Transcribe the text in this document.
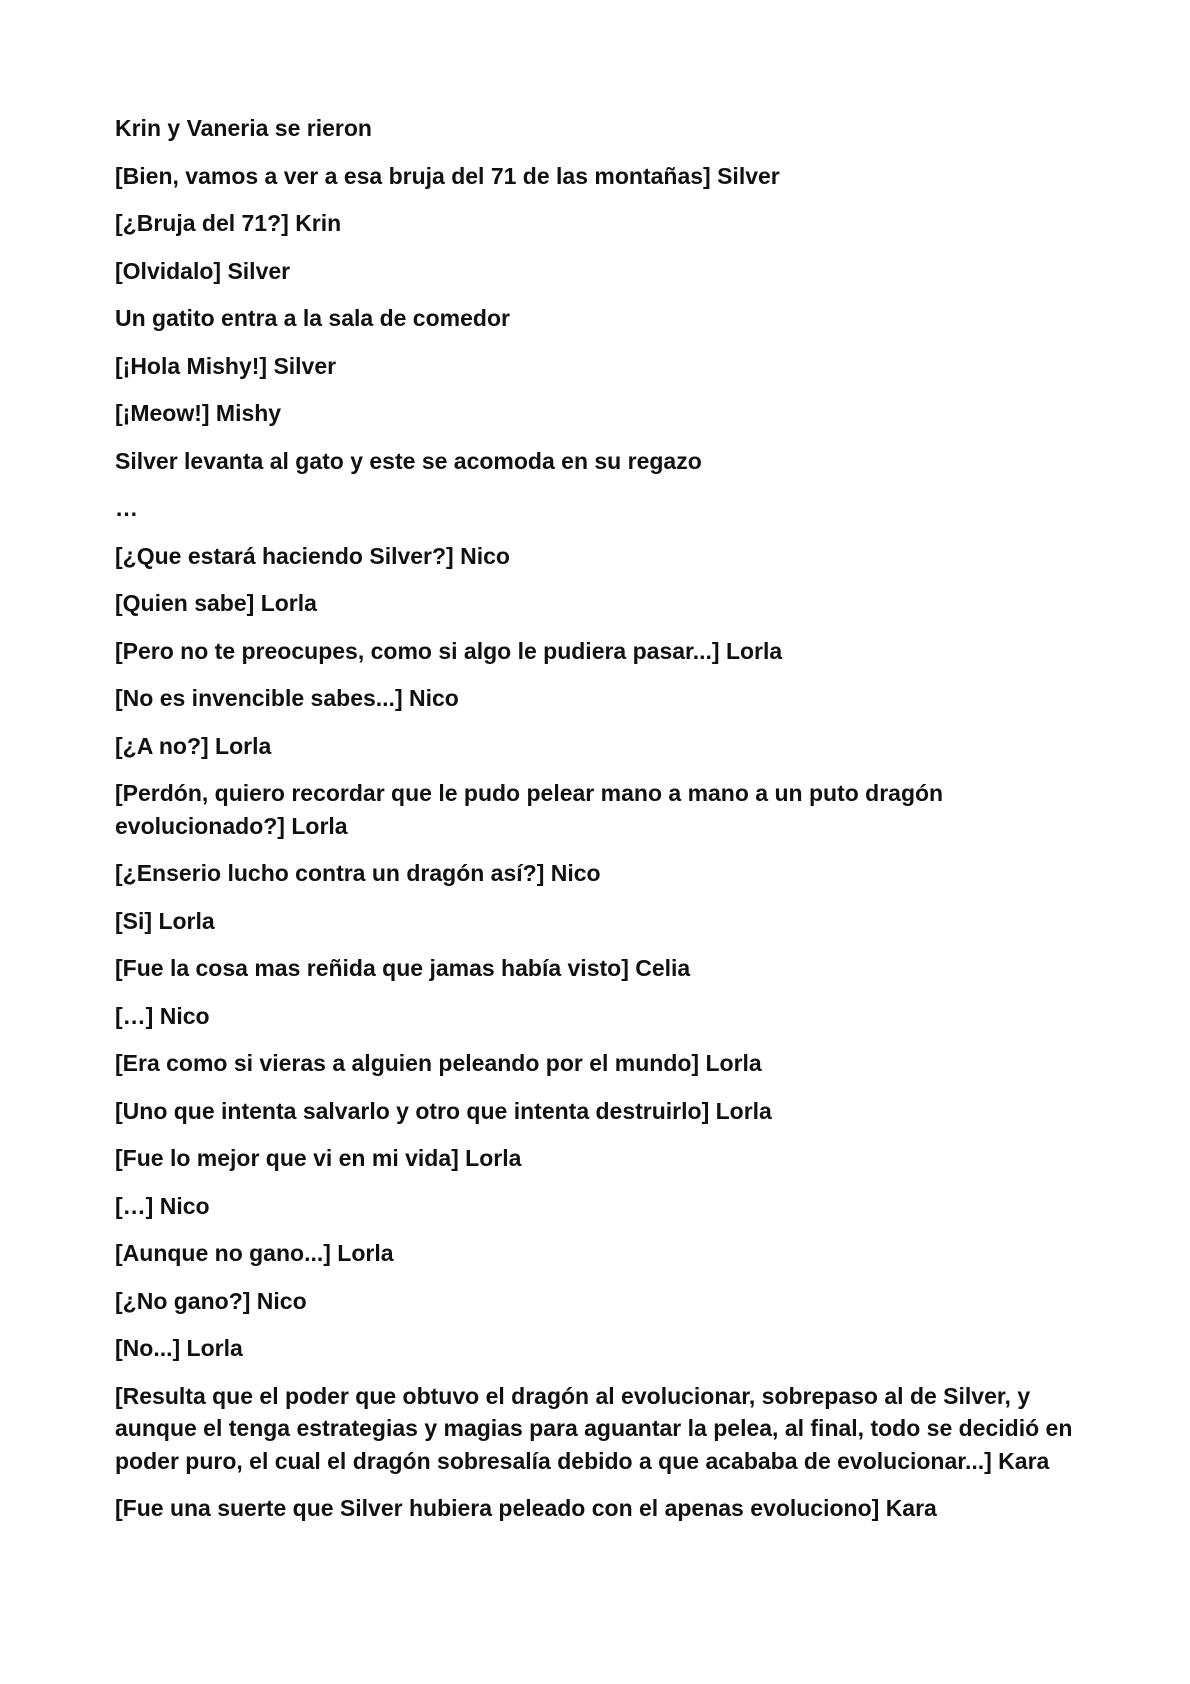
Krin y Vaneria se rieron

[Bien, vamos a ver a esa bruja del 71 de las montañas] Silver

[¿Bruja del 71?] Krin

[Olvidalo] Silver

Un gatito entra a la sala de comedor

[¡Hola Mishy!] Silver

[¡Meow!] Mishy

Silver levanta al gato y este se acomoda en su regazo

…

[¿Que estará haciendo Silver?] Nico

[Quien sabe] Lorla

[Pero no te preocupes, como si algo le pudiera pasar...] Lorla

[No es invencible sabes...] Nico

[¿A no?] Lorla

[Perdón, quiero recordar que le pudo pelear mano a mano a un puto dragón evolucionado?] Lorla

[¿Enserio lucho contra un dragón así?] Nico

[Si] Lorla

[Fue la cosa mas reñida que jamas había visto] Celia

[…] Nico

[Era como si vieras a alguien peleando por el mundo] Lorla

[Uno que intenta salvarlo y otro que intenta destruirlo] Lorla

[Fue lo mejor que vi en mi vida] Lorla

[…] Nico

[Aunque no gano...] Lorla

[¿No gano?] Nico

[No...] Lorla

[Resulta que el poder que obtuvo el dragón al evolucionar, sobrepaso al de Silver, y aunque el tenga estrategias y magias para aguantar la pelea, al final, todo se decidió en poder puro, el cual el dragón sobresalía debido a que acababa de evolucionar...] Kara

[Fue una suerte que Silver hubiera peleado con el apenas evoluciono] Kara
